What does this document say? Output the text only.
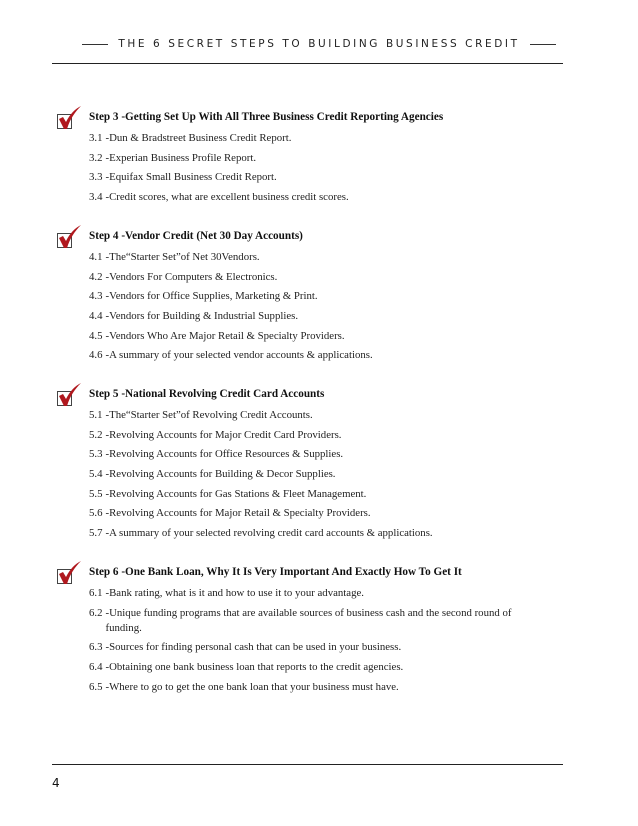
THE 6 SECRET STEPS TO BUILDING BUSINESS CREDIT
Step 3 -Getting Set Up With All Three Business Credit Reporting Agencies
3.1 -Dun & Bradstreet Business Credit Report.
3.2 -Experian Business Profile Report.
3.3 -Equifax Small Business Credit Report.
3.4 -Credit scores, what are excellent business credit scores.
Step 4 -Vendor Credit (Net 30 Day Accounts)
4.1 -The“Starter Set”of Net 30Vendors.
4.2 -Vendors For Computers & Electronics.
4.3 -Vendors for Office Supplies, Marketing & Print.
4.4 -Vendors for Building & Industrial Supplies.
4.5 -Vendors Who Are Major Retail & Specialty Providers.
4.6 -A summary of your selected vendor accounts & applications.
Step 5 -National Revolving Credit Card Accounts
5.1 -The“Starter Set”of Revolving Credit Accounts.
5.2 -Revolving Accounts for Major Credit Card Providers.
5.3 -Revolving Accounts for Office Resources & Supplies.
5.4 -Revolving Accounts for Building & Decor Supplies.
5.5 -Revolving Accounts for Gas Stations & Fleet Management.
5.6 -Revolving Accounts for Major Retail & Specialty Providers.
5.7 -A summary of your selected revolving credit card accounts & applications.
Step 6 -One Bank Loan, Why It Is Very Important And Exactly How To Get It
6.1 -Bank rating, what is it and how to use it to your advantage.
6.2 -Unique funding programs that are available sources of business cash and the second round of
funding.
6.3 -Sources for finding personal cash that can be used in your business.
6.4 -Obtaining one bank business loan that reports to the credit agencies.
6.5 -Where to go to get the one bank loan that your business must have.
4
